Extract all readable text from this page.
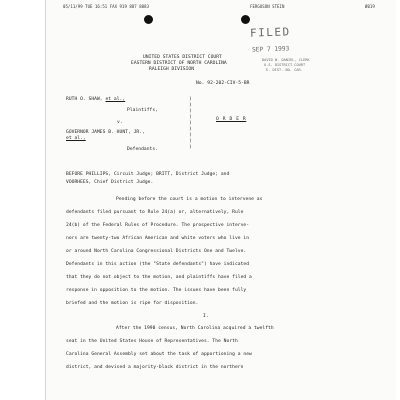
05/11/99 TUE 16:51 FAX 919 887 8883	FERGUSON STEIN	Ø019
FILED
SEP 7 1993
DAVID W. DANIEL, CLERK
U.S. DISTRICT COURT
E. DIST. NO. CAR.
UNITED STATES DISTRICT COURT
EASTERN DISTRICT OF NORTH CAROLINA
RALEIGH DIVISION
No. 92-202-CIV-5-BR
RUTH O. SHAW, et al.,
Plaintiffs,
v.
GOVERNOR JAMES B. HUNT, JR.,
et al.,
Defendants.
)
)
)
)
)
)
)
)
)
O R D E R
BEFORE PHILLIPS, Circuit Judge; BRITT, District Judge; and
VOORHEES, Chief District Judge.
Pending before the court is a motion to intervene as
defendants filed pursuant to Rule 24(a) or, alternatively, Rule
24(b) of the Federal Rules of Procedure. The prospective interve-
nors are twenty-two African American and white voters who live in
or around North Carolina Congressional Districts One and Twelve.
Defendants in this action (the "State defendants") have indicated
that they do not object to the motion, and plaintiffs have filed a
response in opposition to the motion. The issues have been fully
briefed and the motion is ripe for disposition.
I.
After the 1990 census, North Carolina acquired a twelfth
seat in the United States House of Representatives. The North
Carolina General Assembly set about the task of apportioning a new
district, and devised a majority-black district in the northern
